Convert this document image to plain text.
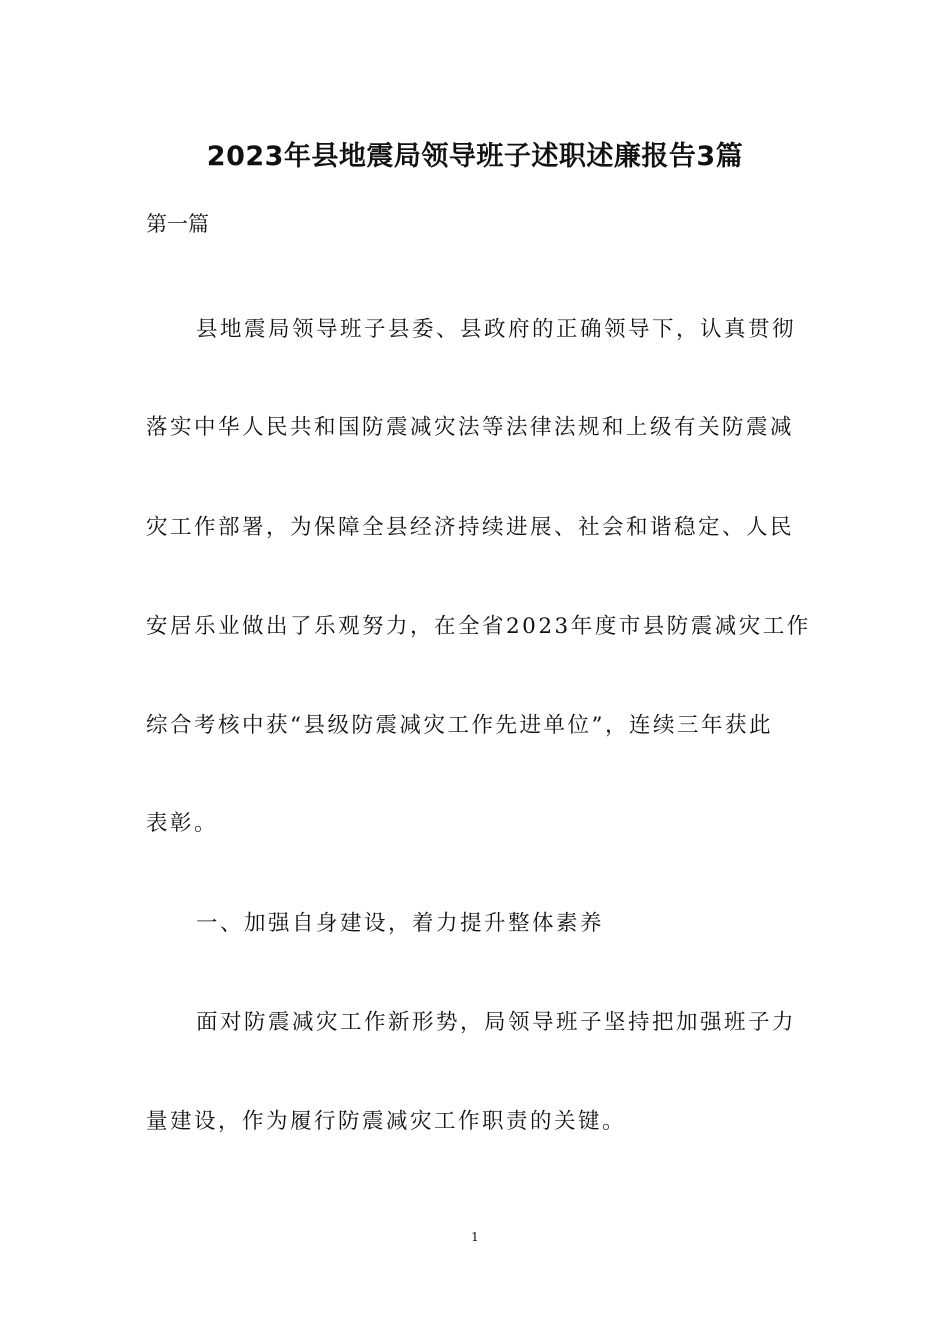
2023年县地震局领导班子述职述廉报告3篇
第一篇
县地震局领导班子县委、县政府的正确领导下，认真贯彻
落实中华人民共和国防震减灾法等法律法规和上级有关防震减
灾工作部署，为保障全县经济持续进展、社会和谐稳定、人民
安居乐业做出了乐观努力，在全省2023年度市县防震减灾工作
综合考核中获“县级防震减灾工作先进单位”，连续三年获此
表彰。
一、加强自身建设，着力提升整体素养
面对防震减灾工作新形势，局领导班子坚持把加强班子力
量建设，作为履行防震减灾工作职责的关键。
1
